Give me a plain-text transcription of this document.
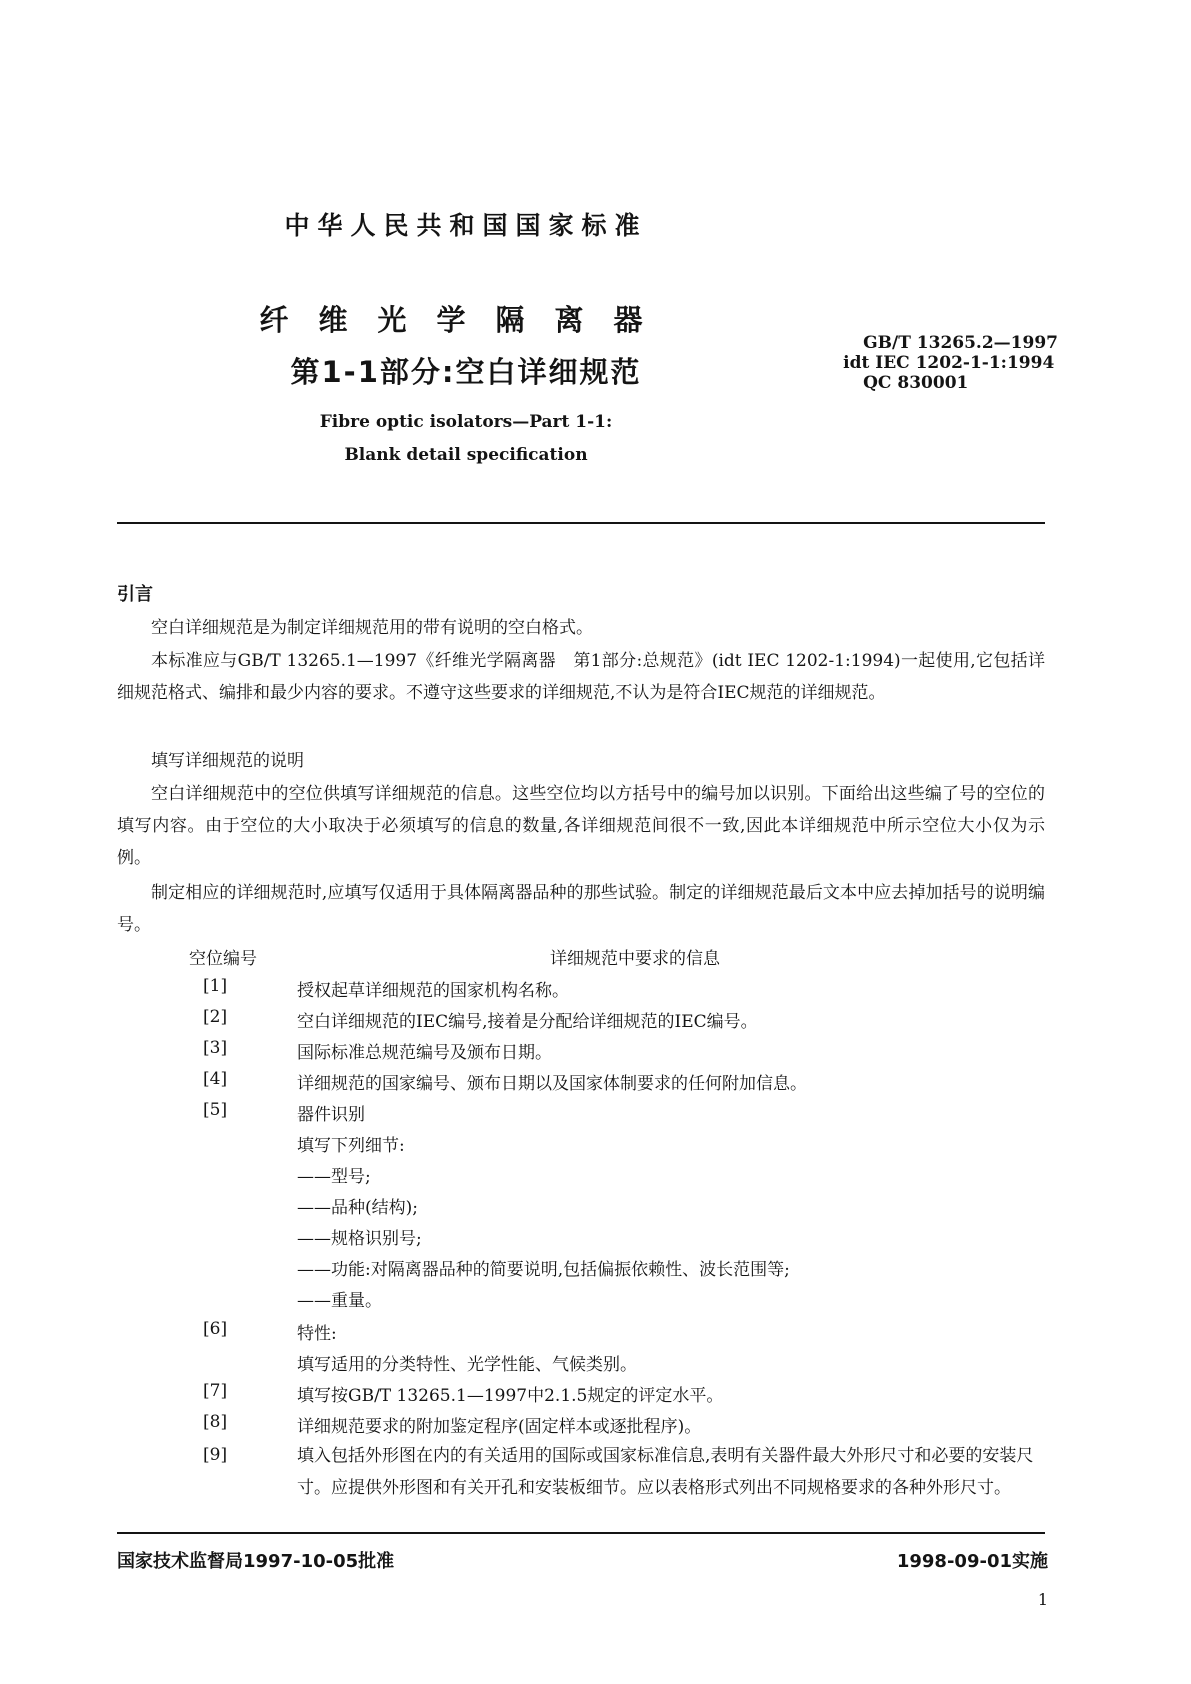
中华人民共和国国家标准
纤维光学隔离器
第1-1部分:空白详细规范
Fibre optic isolators—Part 1-1:
Blank detail specification
GB/T 13265.2—1997
idt IEC 1202-1-1:1994
QC 830001
引言
空白详细规范是为制定详细规范用的带有说明的空白格式。
本标准应与GB/T 13265.1—1997《纤维光学隔离器　第1部分:总规范》(idt IEC 1202-1:1994)一起使用,它包括详细规范格式、编排和最少内容的要求。不遵守这些要求的详细规范,不认为是符合IEC规范的详细规范。
填写详细规范的说明
空白详细规范中的空位供填写详细规范的信息。这些空位均以方括号中的编号加以识别。下面给出这些编了号的空位的填写内容。由于空位的大小取决于必须填写的信息的数量,各详细规范间很不一致,因此本详细规范中所示空位大小仅为示例。
制定相应的详细规范时,应填写仅适用于具体隔离器品种的那些试验。制定的详细规范最后文本中应去掉加括号的说明编号。
空位编号	详细规范中要求的信息
[1]	授权起草详细规范的国家机构名称。
[2]	空白详细规范的IEC编号,接着是分配给详细规范的IEC编号。
[3]	国际标准总规范编号及颁布日期。
[4]	详细规范的国家编号、颁布日期以及国家体制要求的任何附加信息。
[5]	器件识别
填写下列细节:
——型号;
——品种(结构);
——规格识别号;
——功能:对隔离器品种的简要说明,包括偏振依赖性、波长范围等;
——重量。
[6]	特性:
填写适用的分类特性、光学性能、气候类别。
[7]	填写按GB/T 13265.1—1997中2.1.5规定的评定水平。
[8]	详细规范要求的附加鉴定程序(固定样本或逐批程序)。
[9]	填入包括外形图在内的有关适用的国际或国家标准信息,表明有关器件最大外形尺寸和必要的安装尺寸。应提供外形图和有关开孔和安装板细节。应以表格形式列出不同规格要求的各种外形尺寸。
国家技术监督局1997-10-05批准	1998-09-01实施
1
